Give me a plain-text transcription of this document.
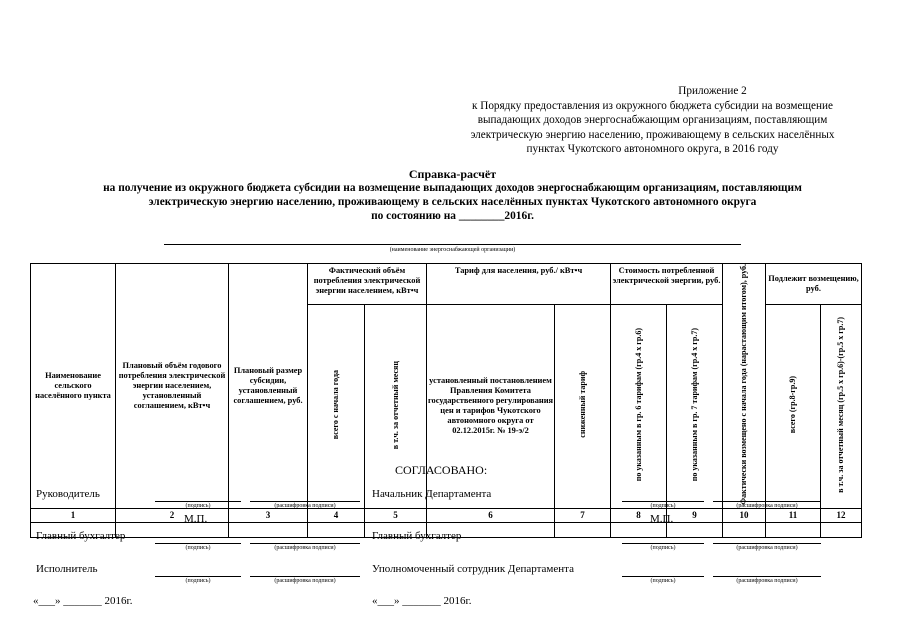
Приложение 2
к Порядку предоставления из окружного бюджета субсидии на возмещение
выпадающих доходов энергоснабжающим организациям, поставляющим
электрическую энергию населению, проживающему в сельских населённых
пунктах Чукотского автономного округа, в 2016 году
Справка-расчёт
на получение из окружного бюджета субсидии на возмещение выпадающих доходов энергоснабжающим организациям, поставляющим
электрическую энергию населению, проживающему в сельских населённых пунктах Чукотского автономного округа
по состоянию на ________2016г.
(наименование энергоснабжающей организации)
Наименование сельского населённого пункта	Плановый объём годового потребления электрической энергии населением, установленный соглашением, кВт•ч	Плановый размер субсидии, установленный соглашением, руб.	Фактический объём потребления электрической энергии населением, кВт•ч		Тариф для населения, руб./ кВт•ч		Стоимость потребленной электрической энергии, руб.		Фактически возмещено с начала года (нарастающим итогом), руб.	Подлежит возмещению, руб.	
			всего с начала года	в т.ч. за отчетный месяц	установленный постановлением Правления Комитета государственного регулирования цен и тарифов Чукотского автономного округа от 02.12.2015г. № 19-э/2	сниженный тариф	по указанным в гр. 6 тарифам (гр.4 х гр.6)	по указанным в гр. 7 тарифам (гр.4 х гр.7)		всего (гр.8-гр.9)	в т.ч. за отчетный месяц (гр.5 х гр.6)-(гр.5 х гр.7)
1	2	3	4	5	6	7	8	9	10	11	12

СОГЛАСОВАНО:
Руководитель
(подпись)	(расшифровка подписи)
М.П.
Главный бухгалтер
(подпись)	(расшифровка подписи)
Исполнитель
(подпись)	(расшифровка подписи)
«___» _______ 2016г.
Начальник Департамента
(подпись)	(расшифровка подписи)
М.П.
Главный бухгалтер
(подпись)	(расшифровка подписи)
Уполномоченный сотрудник Департамента
(подпись)	(расшифровка подписи)
«___» _______ 2016г.
